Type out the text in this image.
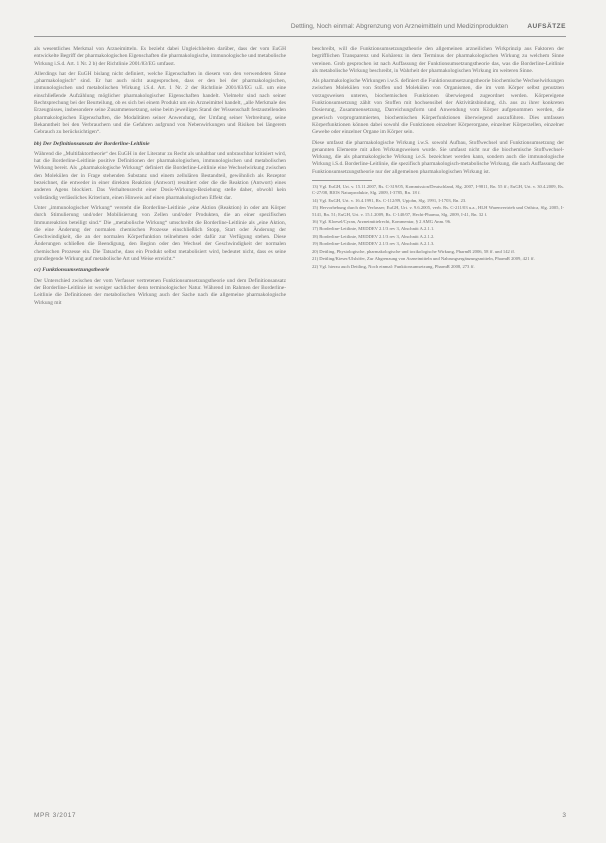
Dettling, Noch einmal: Abgrenzung von Arzneimitteln und Medizinprodukten	AUFSÄTZE

als wesentliches Merkmal von Arzneimitteln. Es bezieht dabei Ungleichheiten darüber, dass der vom EuGH entwickelte Begriff der pharmakologischen Eigenschaften die pharmakologische, immunologische und metabolische Wirkung i.S.d. Art. 1 Nr. 2 b) der Richtlinie 2001/83/EG umfasst.

Allerdings hat der EuGH bislang nicht definiert, welche Eigenschaften in diesem von den verwendeten Sinne „pharmakologisch“ sind. Er hat auch nicht ausgesprochen, dass er den bei der pharmakologischen, immunologischen und metabolischen Wirkung i.S.d. Art. 1 Nr. 2 der Richtlinie 2001/83/EG u.E. um eine einschließende Aufzählung möglicher pharmakologischer Eigenschaften handelt. Vielmehr sind nach seiner Rechtsprechung bei der Beurteilung, ob es sich bei einem Produkt um ein Arzneimittel handelt, „alle Merkmale des Erzeugnisses, insbesondere seine Zusammensetzung, seine beim jeweiligen Stand der Wissenschaft festzustellenden pharmakologischen Eigenschaften, die Modalitäten seiner Anwendung, der Umfang seiner Verbreitung, seine Bekanntheit bei den Verbrauchern und die Gefahren aufgrund von Nebenwirkungen und Risiken bei längerem Gebrauch zu berücksichtigen“.

bb) Der Definitionsansatz der Borderline-Leitlinie

Während die „Multifaktortheorie“ des EuGH in der Literatur zu Recht als unhaltbar und unbrauchbar kritisiert wird, hat die Borderline-Leitlinie positive Definitionen der pharmakologischen, immunologischen und metabolischen Wirkung bereit. Als „pharmakologische Wirkung“ definiert die Borderline-Leitlinie eine Wechselwirkung zwischen den Molekülen der in Frage stehenden Substanz und einem zellulären Bestandteil, gewöhnlich als Rezeptor bezeichnet, die entweder in einer direkten Reaktion (Antwort) resultiert oder die die Reaktion (Antwort) eines anderen Agens blockiert. Das Verhaltensrecht einer Dosis-Wirkungs-Beziehung stelle daher, obwohl kein vollständig verlässliches Kriterium, einen Hinweis auf einen pharmakologischen Effekt dar.

Unter „immunologischer Wirkung“ versteht die Borderline-Leitlinie „eine Aktion (Reaktion) in oder am Körper durch Stimulierung und/oder Mobilisierung von Zellen und/oder Produkten, die an einer spezifischen Immunreaktion beteiligt sind.“ Die „metabolische Wirkung“ umschreibt die Borderline-Leitlinie als „eine Aktion, die eine Änderung der normalen chemischen Prozesse einschließlich Stopp, Start oder Änderung der Geschwindigkeit, die an der normalen Körperfunktion teilnehmen oder dafür zur Verfügung stehen. Diese Änderungen schließen die Beendigung, den Beginn oder den Wechsel der Geschwindigkeit der normalen chemischen Prozesse ein. Die Tatsache, dass ein Produkt selbst metabolisiert wird, bedeutet nicht, dass es seine grundlegende Wirkung auf metabolische Art und Weise erreicht.“

cc) Funktionsumsetzungstheorie

Der Unterschied zwischen der vom Verfasser vertretenen Funktionsumsetzungstheorie und dem Definitionsansatz der Borderline-Leitlinie ist weniger sachlicher denn terminologischer Natur. Während im Rahmen der Borderline-Leitlinie die Definitionen der metabolischen Wirkung auch der Sache nach die allgemeine pharmakologische Wirkung mit

beschreibt, will die Funktionsumsetzungstheorie den allgemeinen arzneilichen Wirkprinzip aus Faktoren der begrifflichen Transparenz und Kohärenz in dem Terminus der pharmakologischen Wirkung zu welchem Sinne vereinen. Grob gesprochen ist nach Auffassung der Funktionsumsetzungstheorie das, was die Borderline-Leitlinie als metabolische Wirkung beschreibt, in Wahrheit der pharmakologischen Wirkung im weiteren Sinne.

Als pharmakologische Wirkungen i.w.S. definiert die Funktionsumsetzungstheorie biochemische Wechselwirkungen zwischen Molekülen von Stoffen und Molekülen von Organismen, die im vom Körper selbst genutzten vorzugsweisen unteren, biochemischen Funktionen überwiegend zugeordnet werden. Körpereigene Funktionsumsetzung zählt von Stoffen mit hochsensibel der Aktivitätsbindung, d.h. aus zu ihrer konkreten Dosierung, Zusammensetzung, Darreichungsform und Anwendung vom Körper aufgenommen werden, die generisch vorprogrammierten, biochemischen Körperfunktionen überwiegend auszuführen. Dies umfassen Körperfunktionen können dabei sowohl die Funktionen einzelner Körperorgane, einzelner Körperzellen, einzelner Gewebe oder einzelner Organe im Körper sein.

Diese umfasst die pharmakologische Wirkung i.w.S. sowohl Aufbau, Stoffwechsel und Funktionsumsetzung der genannten Elemente mit allen Wirkungsweisen wurde. Sie umfasst nicht nur die biochemische Stoffwechsel-Wirkung, die als pharmakologische Wirkung i.e.S. bezeichnet werden kann, sondern auch die immunologische Wirkung i.S.d. Borderline-Leitlinie, die spezifisch pharmakologisch-metabolische Wirkung, die nach Auffassung der Funktionsumsetzungstheorie nur der allgemeinen pharmakologischen Wirkung ist.

13) Vgl. EuGH, Urt. v. 15.11.2007, Rs. C-319/05, Kommission/Deutschland, Slg. 2007, I-9811, Rn. 55 ff.; EuGH, Urt. v. 30.4.2009, Rs. C-27/08, BIOS Naturprodukte, Slg. 2009, I-3785, Rn. 18 f.

14) Vgl. EuGH, Urt. v. 16.4.1991, Rs. C-112/89, Upjohn, Slg. 1991, I-1703, Rn. 23.

15) Hervorhebung durch den Verfasser; EuGH, Urt. v. 9.6.2005, verb. Rs. C-211/03 u.a., HLH Warenvertrieb und Orthica, Slg. 2005, I-5141, Rn. 51; EuGH, Urt. v. 15.1.2009, Rs. C-140/07, Hecht-Pharma, Slg. 2009, I-41, Rn. 32 f.

16) Vgl. Kloesel/Cyran, Arzneimittelrecht, Kommentar, § 2 AMG Anm. 96.

17) Borderline-Leitlinie, MEDDEV 2.1/3 rev 3, Abschnitt A.2.1.1.

18) Borderline-Leitlinie, MEDDEV 2.1/3 rev 3, Abschnitt A.2.1.2.

19) Borderline-Leitlinie, MEDDEV 2.1/3 rev 3, Abschnitt A.2.1.3.

20) Dettling, Physiologische, pharmakologische und toxikologische Wirkung, PharmR 2006, 58 ff. und 142 ff.

21) Dettling/Kieser/Ulshöfer, Zur Abgrenzung von Arzneimitteln und Nahrungsergänzungsmitteln, PharmR 2009, 421 ff.

22) Vgl. hierzu auch Dettling, Noch einmal: Funktionsumsetzung, PharmR 2008, 273 ff.

MPR 3/2017	3
